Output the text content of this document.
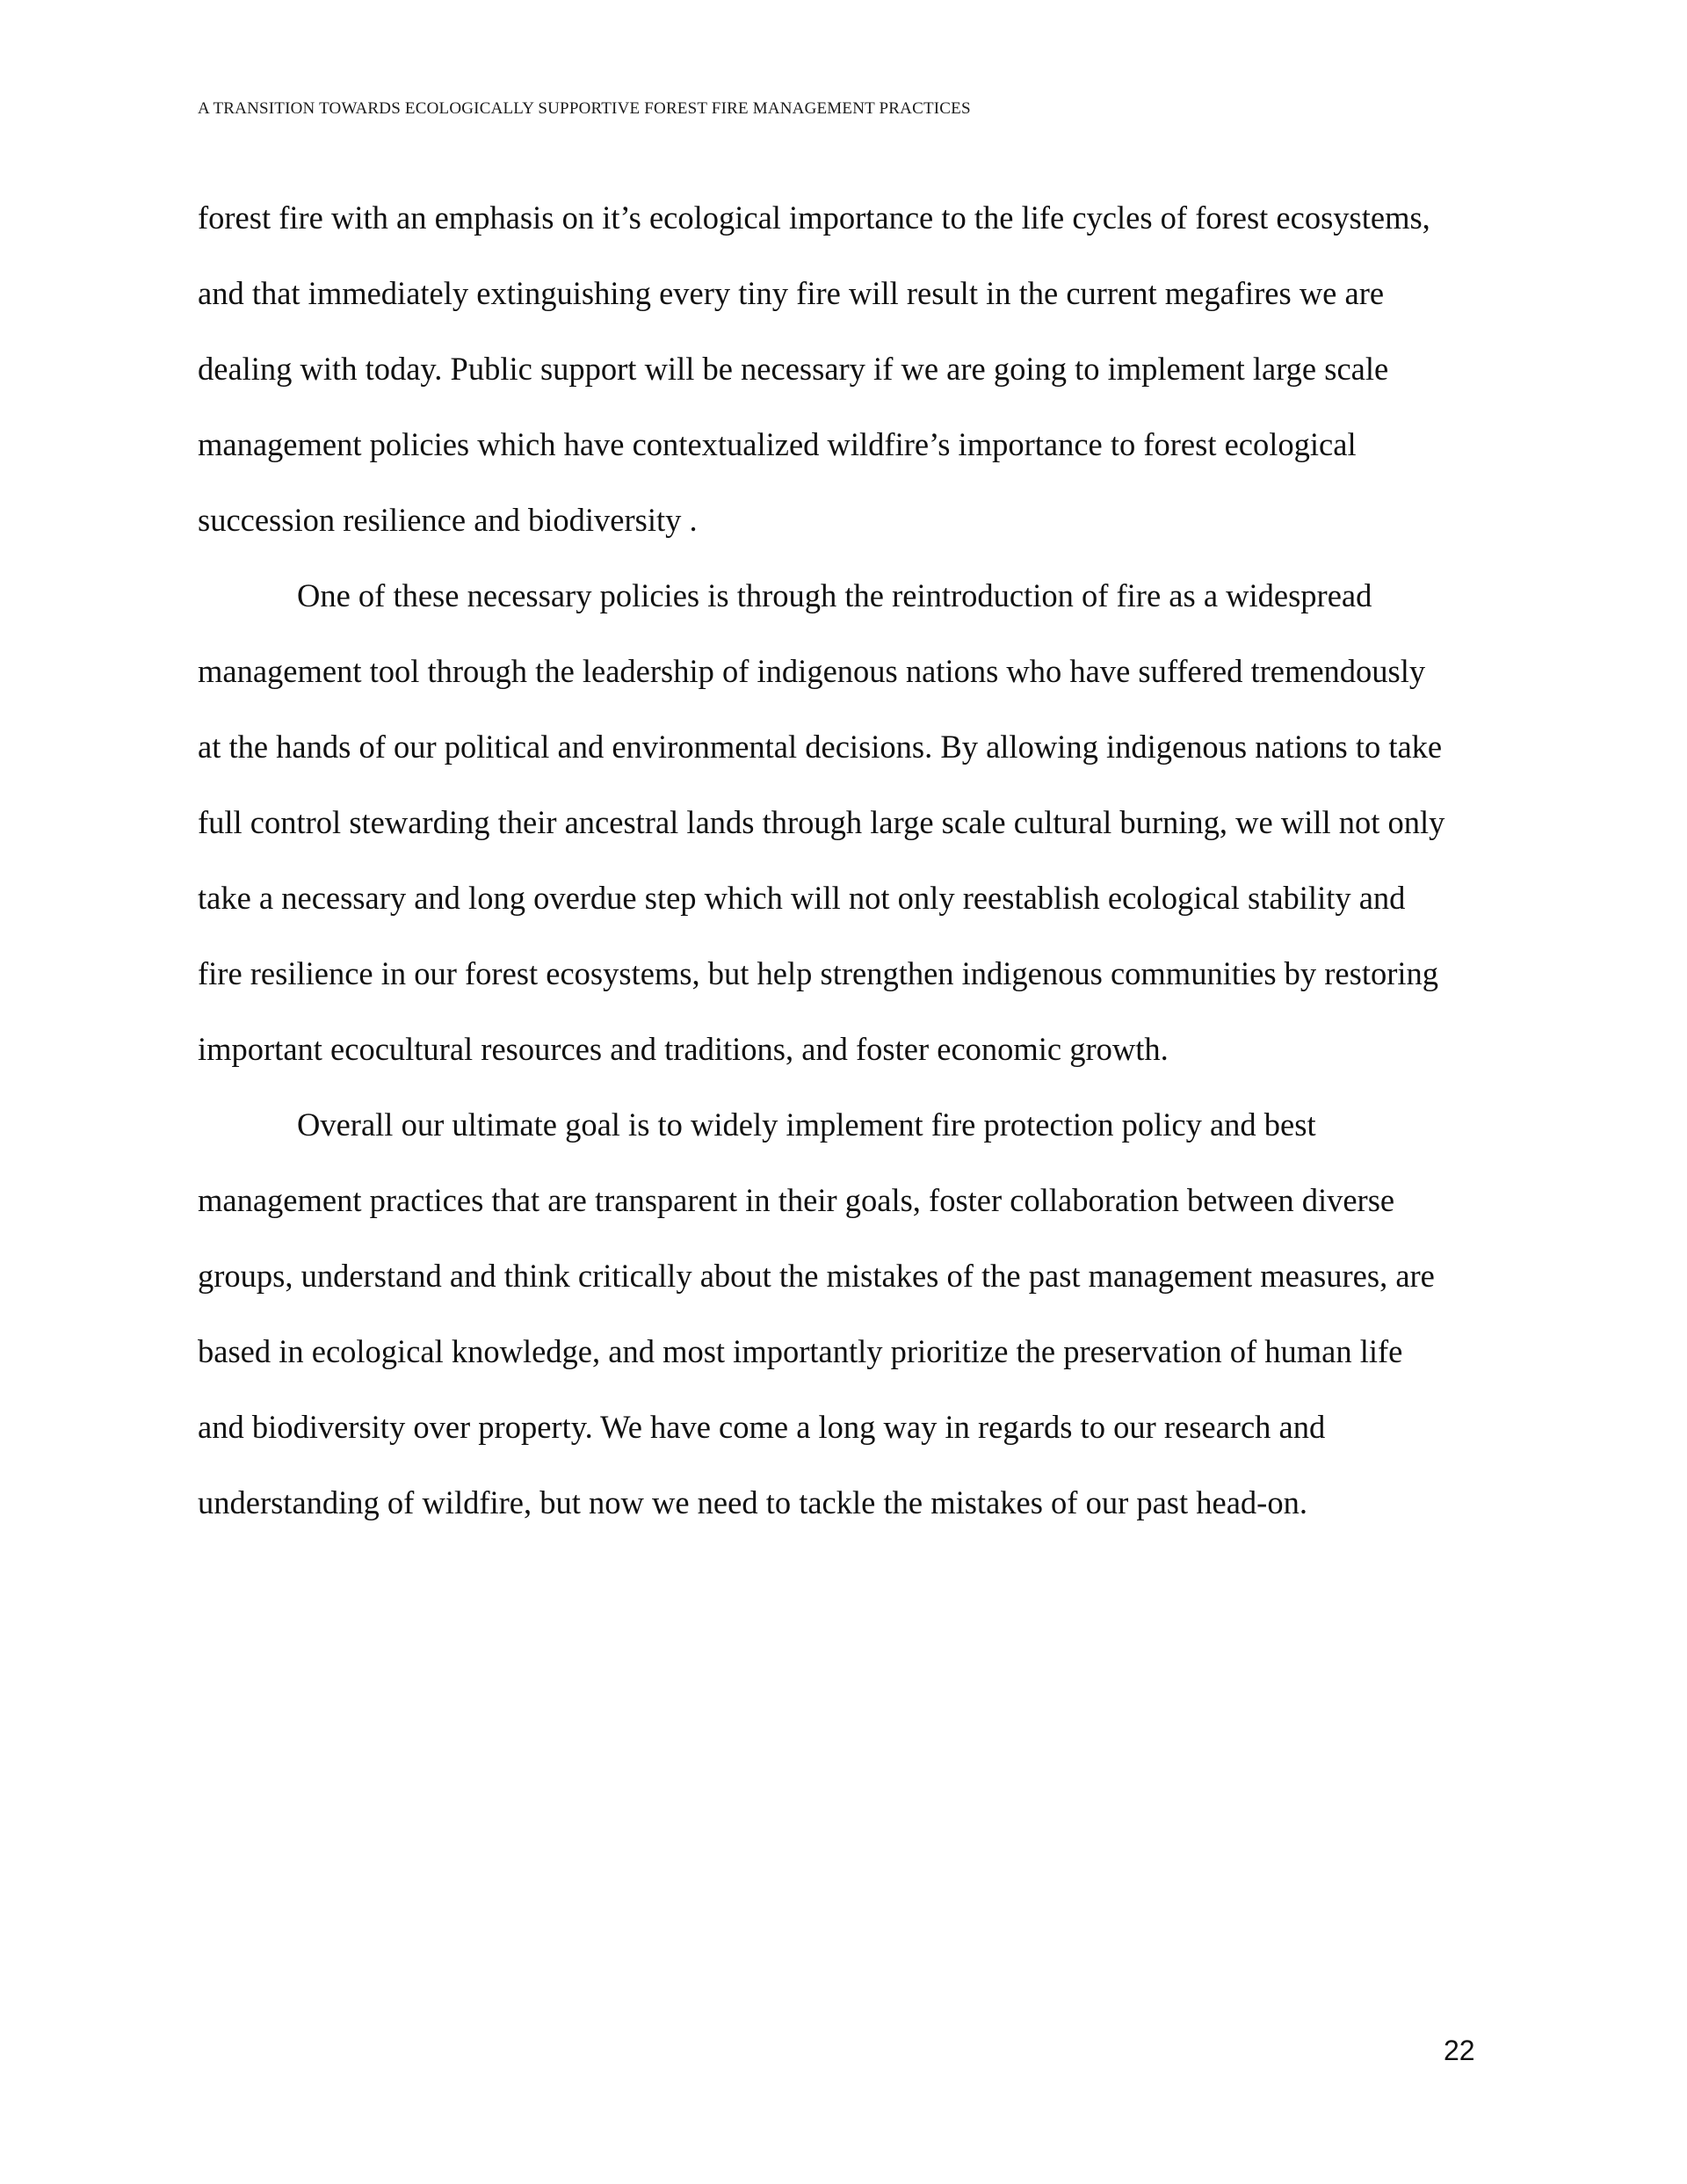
A TRANSITION TOWARDS ECOLOGICALLY SUPPORTIVE FOREST FIRE MANAGEMENT PRACTICES
forest fire with an emphasis on it’s ecological importance to the life cycles of forest ecosystems,
and that immediately extinguishing every tiny fire will result in the current megafires we are
dealing with today. Public support will be necessary if we are going to implement large scale
management policies which have contextualized wildfire’s importance to forest ecological
succession resilience and biodiversity .
One of these necessary policies is through the reintroduction of fire as a widespread
management tool through the leadership of indigenous nations who have suffered tremendously
at the hands of our political and environmental decisions. By allowing indigenous nations to take
full control stewarding their ancestral lands through large scale cultural burning, we will not only
take a necessary and long overdue step which will not only reestablish ecological stability and
fire resilience in our forest ecosystems, but help strengthen indigenous communities by restoring
important ecocultural resources and traditions, and foster economic growth.
Overall our ultimate goal is to widely implement fire protection policy and best
management practices that are transparent in their goals, foster collaboration between diverse
groups, understand and think critically about the mistakes of the past management measures, are
based in ecological knowledge, and most importantly prioritize the preservation of human life
and biodiversity over property. We have come a long way in regards to our research and
understanding of wildfire, but now we need to tackle the mistakes of our past head-on.
22
